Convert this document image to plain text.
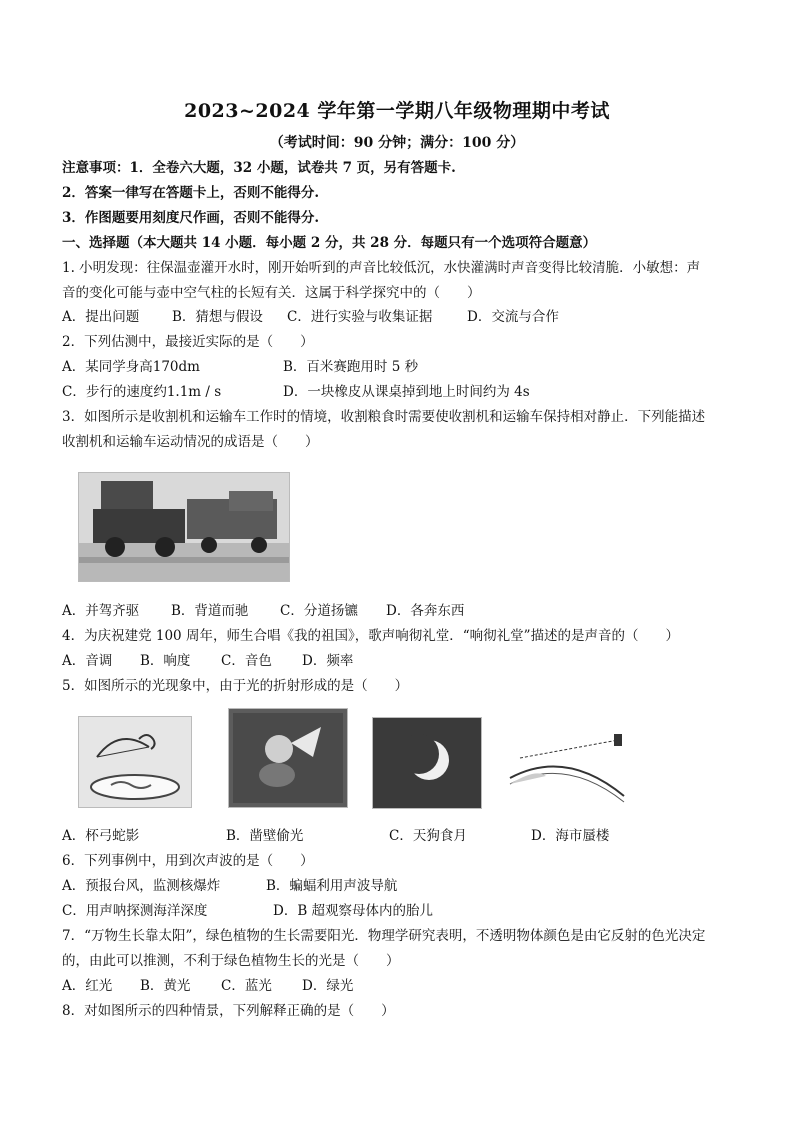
2023~2024 学年第一学期八年级物理期中考试
（考试时间：90 分钟；满分：100 分）
注意事项：1．全卷六大题，32 小题，试卷共 7 页，另有答题卡.
2．答案一律写在答题卡上，否则不能得分.
3．作图题要用刻度尺作画，否则不能得分.
一、选择题（本大题共 14 小题．每小题 2 分，共 28 分．每题只有一个选项符合题意）
1. 小明发现：往保温壶灌开水时，刚开始听到的声音比较低沉，水快灌满时声音变得比较清脆．小敏想：声
音的变化可能与壶中空气柱的长短有关．这属于科学探究中的（　　）
A．提出问题 B．猜想与假设 C．进行实验与收集证据	D．交流与合作
2．下列估测中，最接近实际的是（　　）
A．某同学身高170dm	B．百米赛跑用时 5 秒
C．步行的速度约1.1m / s	D．一块橡皮从课桌掉到地上时间约为 4s
3．如图所示是收割机和运输车工作时的情境，收割粮食时需要使收割机和运输车保持相对静止．下列能描述
收割机和运输车运动情况的成语是（　　）
A．并驾齐驱 B．背道而驰 C．分道扬镳 D．各奔东西
4．为庆祝建党 100 周年，师生合唱《我的祖国》，歌声响彻礼堂．“响彻礼堂”描述的是声音的（　　）
A．音调 B．响度 C．音色 D．频率
5．如图所示的光现象中，由于光的折射形成的是（　　）
A．杯弓蛇影	B．凿壁偷光	C．天狗食月	D．海市蜃楼
6．下列事例中，用到次声波的是（　　）
A．预报台风，监测核爆炸	B．蝙蝠利用声波导航
C．用声呐探测海洋深度	D．B 超观察母体内的胎儿
7．“万物生长靠太阳”，绿色植物的生长需要阳光．物理学研究表明，不透明物体颜色是由它反射的色光决定
的，由此可以推测，不利于绿色植物生长的光是（　　）
A．红光 B．黄光 C．蓝光 D．绿光
8．对如图所示的四种情景，下列解释正确的是（　　）
